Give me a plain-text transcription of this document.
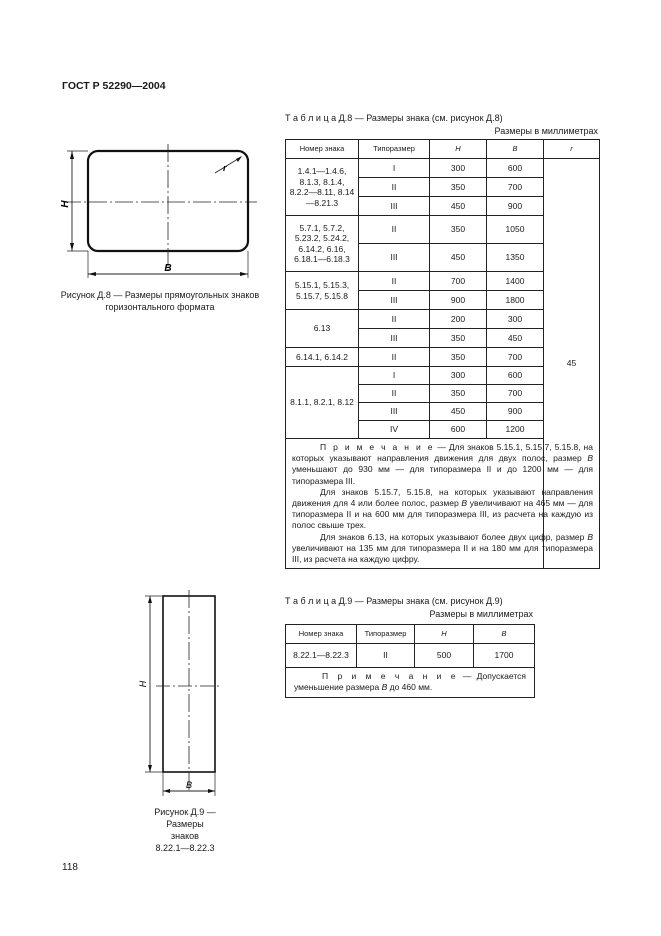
ГОСТ Р 52290—2004
H
B
r
Рисунок Д.8 — Размеры прямоугольных знаков горизонтального формата
Т а б л и ц а Д.8 — Размеры знака (см. рисунок Д.8)
Размеры в миллиметрах
Номер знака	Типоразмер	H	B	r
1.4.1—1.4.6, 8.1.3, 8.1.4, 8.2.2—8.11, 8.14—8.21.3	I	300	600	45
	II	350	700	
	III	450	900	
5.7.1, 5.7.2, 5.23.2, 5.24.2, 6.14.2, 6.16, 6.18.1—6.18.3	II	350	1050	
	III	450	1350	
5.15.1, 5.15.3, 5.15.7, 5.15.8	II	700	1400	
	III	900	1800	
6.13	II	200	300	
	III	350	450	
6.14.1, 6.14.2	II	350	700	
8.1.1, 8.2.1, 8.12	I	300	600	
	II	350	700	
	III	450	900	
	IV	600	1200	

П р и м е ч а н и е — Для знаков 5.15.1, 5.15.7, 5.15.8, на которых указывают направления движения для двух полос, размер B уменьшают до 930 мм — для типоразмера II и до 1200 мм — для типоразмера III.

Для знаков 5.15.7, 5.15.8, на которых указывают направления движения для 4 или более полос, размер B увеличивают на 465 мм — для типоразмера II и на 600 мм для типоразмера III, из расчета на каждую из полос свыше трех.

Для знаков 6.13, на которых указывают более двух цифр, размер B увеличивают на 135 мм для типоразмера II и на 180 мм для типоразмера III, из расчета на каждую цифру.				

H
B
Рисунок Д.9 —
Размеры
знаков
8.22.1—8.22.3
Т а б л и ц а Д.9 — Размеры знака (см. рисунок Д.9)
Размеры в миллиметрах
Номер знака	Типоразмер	H	B
8.22.1—8.22.3	II	500	1700

П р и м е ч а н и е — Допускается уменьшение размера B до 460 мм.			

118
